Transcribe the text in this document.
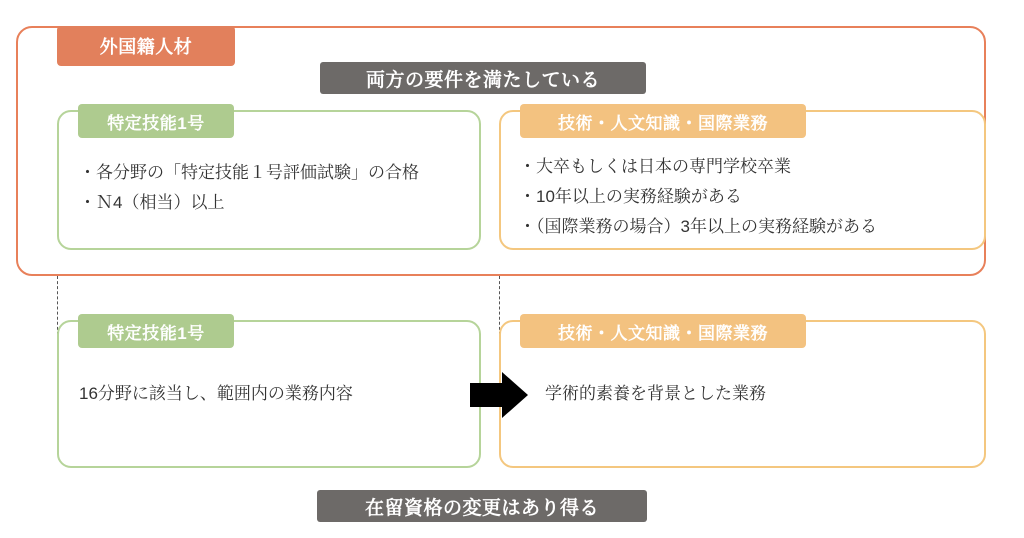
特定技能1号
・各分野の「特定技能１号評価試験」の合格
・Ｎ4（相当）以上
技術・人文知識・国際業務
・大卒もしくは日本の専門学校卒業
・10年以上の実務経験がある
・（国際業務の場合）3年以上の実務経験がある
特定技能1号
16分野に該当し、範囲内の業務内容
技術・人文知識・国際業務
学術的素養を背景とした業務
外国籍人材
両方の要件を満たしている
在留資格の変更はあり得る
